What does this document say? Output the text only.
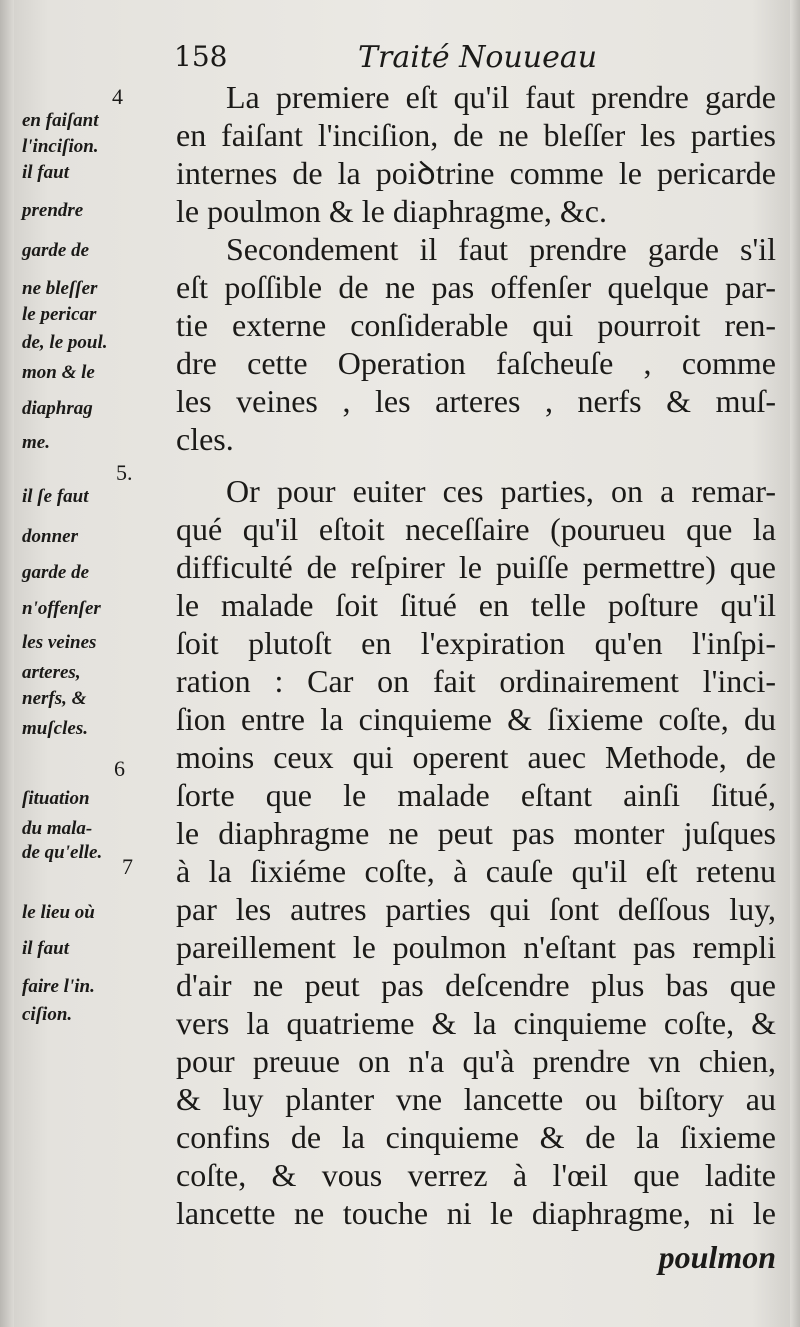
158	Traité Nouueau
4
5.
6
7
en faiſant
l'inciſion.
il faut
prendre
garde de
ne bleſſer
le pericar
de, le poul.
mon & le
diaphrag
me.
il ſe faut
donner
garde de
n'offenſer
les veines
arteres,
nerfs, &
muſcles.
ſituation
du mala-
de qu'elle.
le lieu où
il faut
faire l'in.
ciſion.
La premiere eſt qu'il faut prendre garde
en faiſant l'inciſion, de ne bleſſer les parties
internes de la poiꝺtrine comme le pericarde
le poulmon & le diaphragme, &c.
Secondement il faut prendre garde s'il
eſt poſſible de ne pas offenſer quelque par-
tie externe conſiderable qui pourroit ren-
dre cette Operation faſcheuſe , comme
les veines , les arteres , nerfs & muſ-
cles.
Or pour euiter ces parties, on a remar-
qué qu'il eſtoit neceſſaire (pourueu que la
difficulté de reſpirer le puiſſe permettre) que
le malade ſoit ſitué en telle poſture qu'il
ſoit plutoſt en l'expiration qu'en l'inſpi-
ration : Car on fait ordinairement l'inci-
ſion entre la cinquieme & ſixieme coſte, du
moins ceux qui operent auec Methode, de
ſorte que le malade eſtant ainſi ſitué,
le diaphragme ne peut pas monter juſques
à la ſixiéme coſte, à cauſe qu'il eſt retenu
par les autres parties qui ſont deſſous luy,
pareillement le poulmon n'eſtant pas rempli
d'air ne peut pas deſcendre plus bas que
vers la quatrieme & la cinquieme coſte, &
pour preuue on n'a qu'à prendre vn chien,
& luy planter vne lancette ou biſtory au
confins de la cinquieme & de la ſixieme
coſte, & vous verrez à l'œil que ladite
lancette ne touche ni le diaphragme, ni le
poulmon
